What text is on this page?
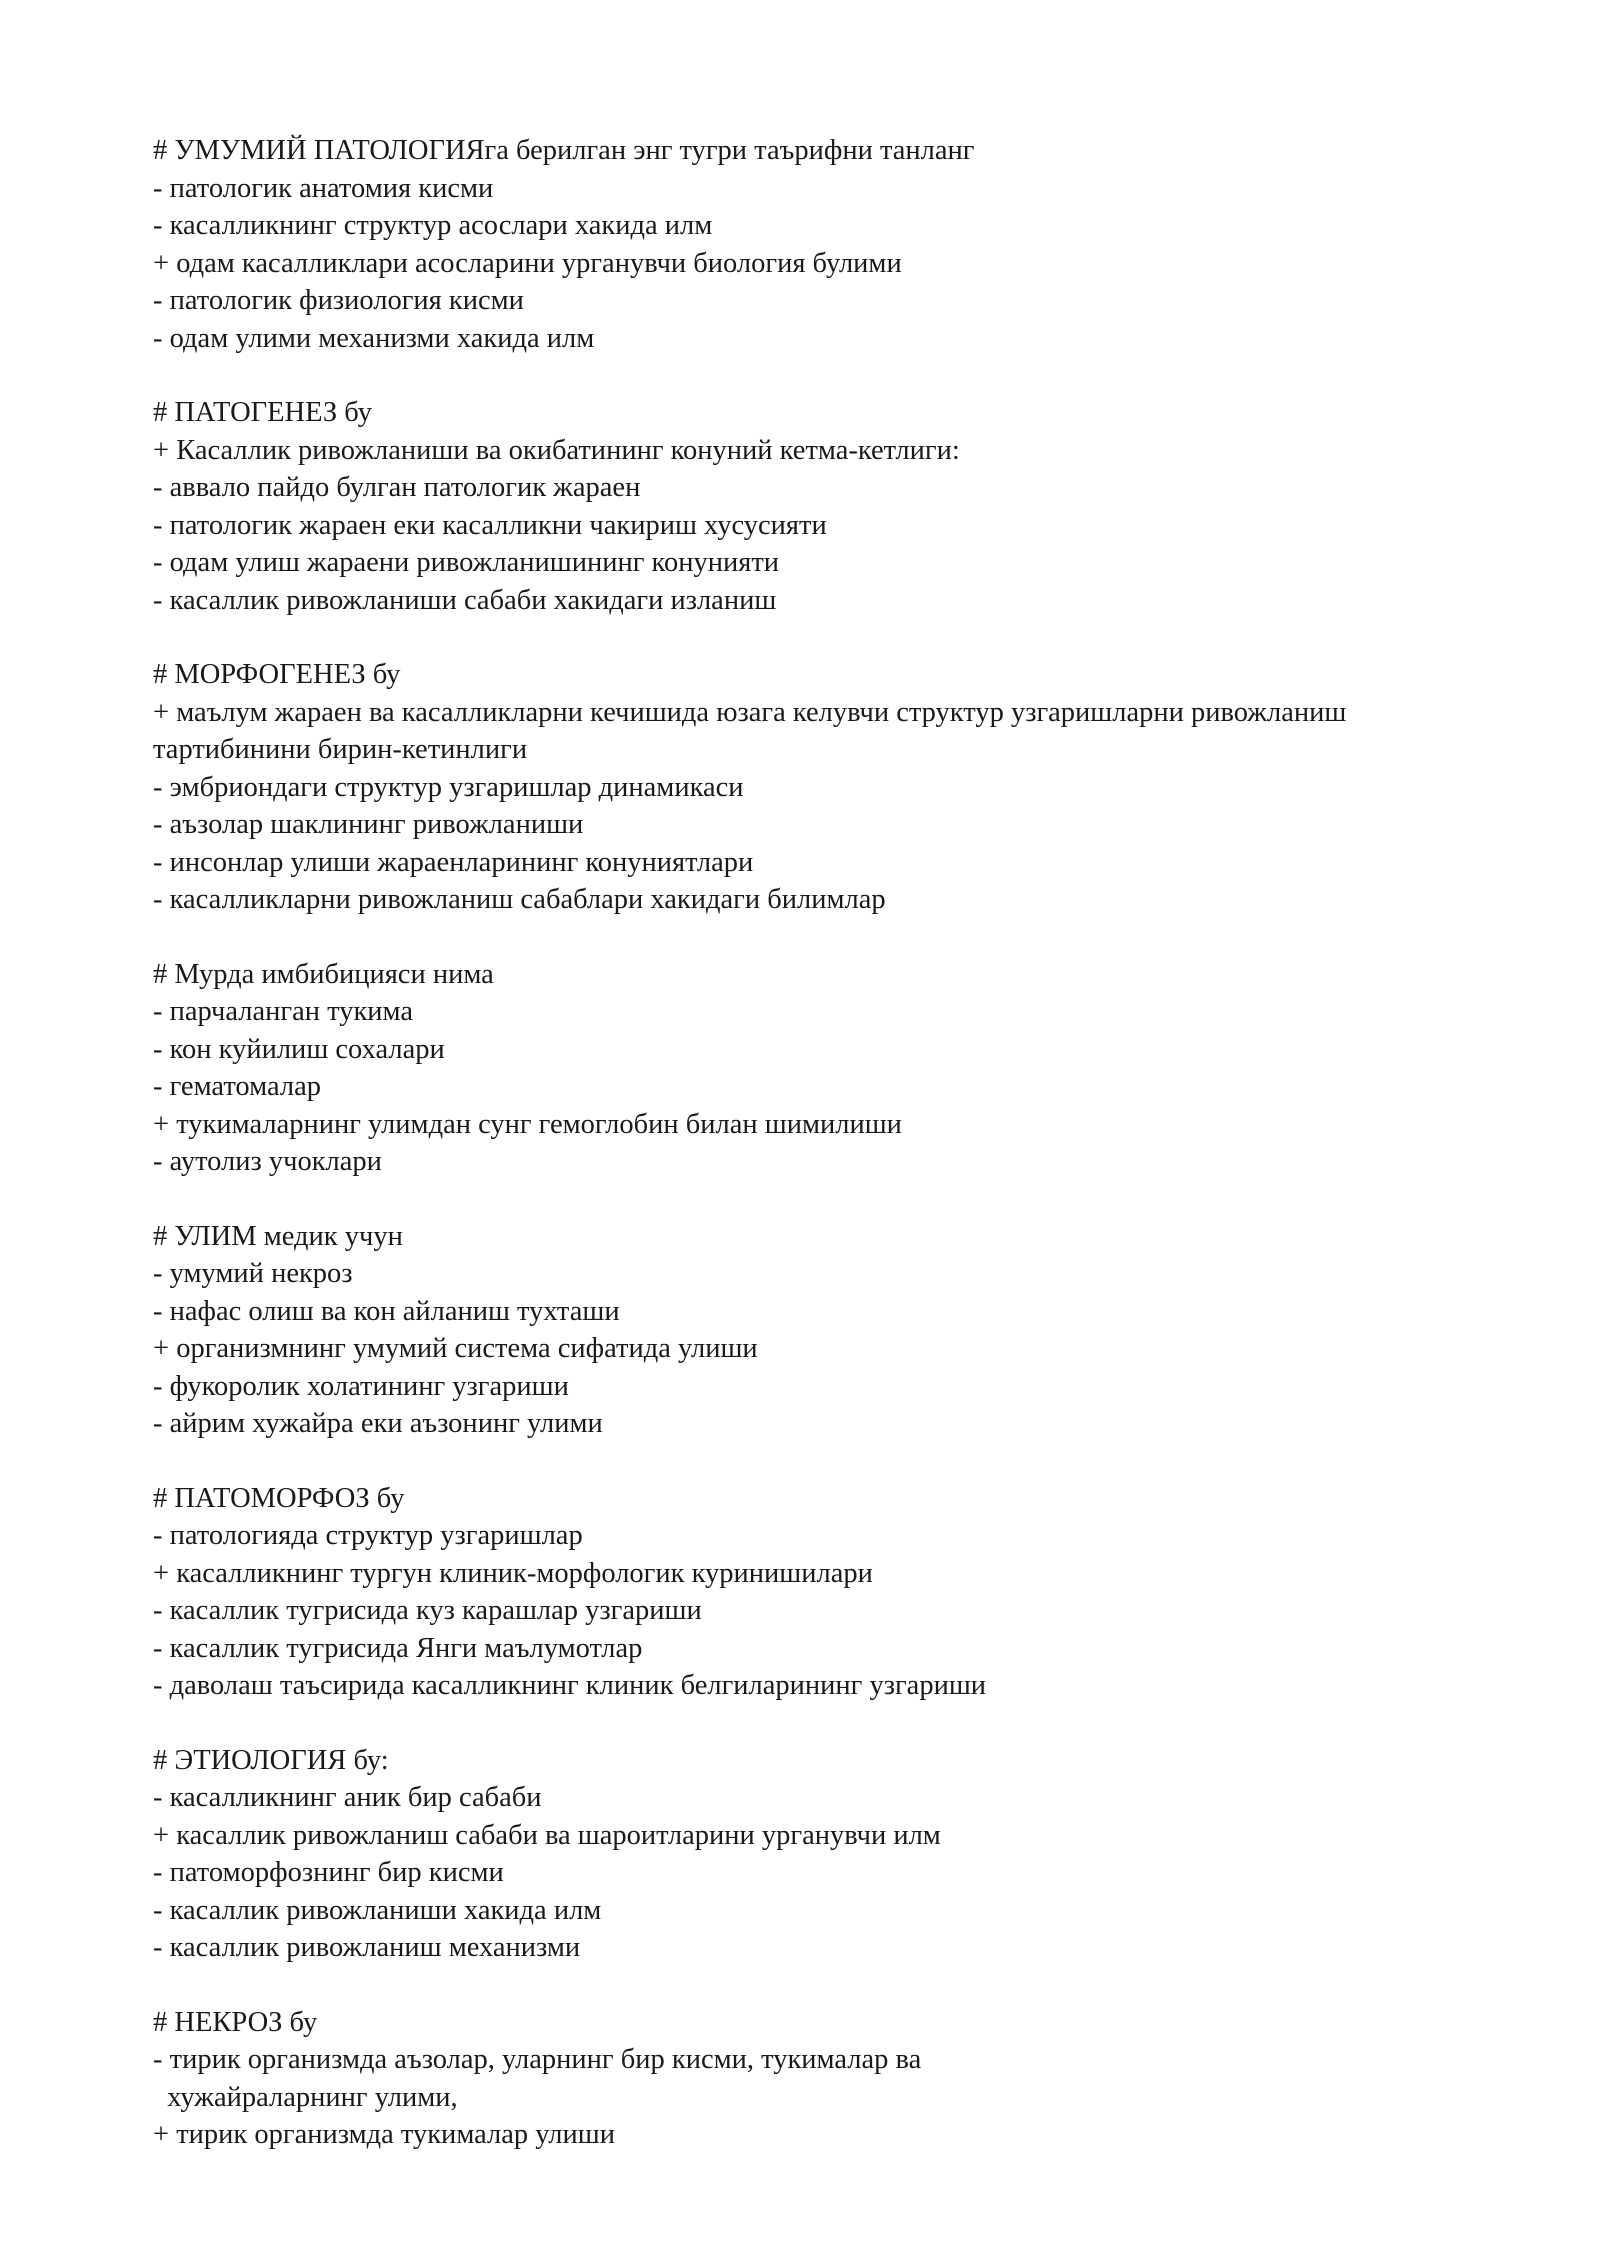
# УМУМИЙ ПАТОЛОГИЯга берилган энг тугри таърифни танланг

- патологик анатомия кисми

- касалликнинг структур асослари хакида илм

+ одам касалликлари асосларини урганувчи биология булими

- патологик физиология кисми

- одам улими механизми хакида илм

# ПАТОГЕНЕЗ бу

+ Касаллик ривожланиши ва окибатининг конуний кетма-кетлиги:

- аввало пайдо булган патологик жараен

- патологик жараен еки касалликни чакириш хусусияти

- одам улиш жараени ривожланишининг конунияти

- касаллик ривожланиши сабаби хакидаги изланиш

# МОРФОГЕНЕЗ бу

+ маълум жараен ва касалликларни кечишида юзага келувчи структур узгаришларни ривожланиш

тартибинини бирин-кетинлиги

- эмбриондаги структур узгаришлар динамикаси

- аъзолар шаклининг ривожланиши

- инсонлар улиши жараенларининг конуниятлари

- касалликларни ривожланиш сабаблари хакидаги билимлар

# Мурда имбибицияси нима

- парчаланган тукима

- кон куйилиш сохалари

- гематомалар

+ тукималарнинг улимдан сунг гемоглобин билан шимилиши

- аутолиз учоклари

# УЛИМ медик учун

- умумий некроз

- нафас олиш ва кон айланиш тухташи

+ организмнинг умумий система сифатида улиши

- фукоролик холатининг узгариши

- айрим хужайра еки аъзонинг улими

# ПАТОМОРФОЗ бу

- патологияда структур узгаришлар

+ касалликнинг тургун клиник-морфологик куринишилари

- касаллик тугрисида куз карашлар узгариши

- касаллик тугрисида Янги маълумотлар

- даволаш таъсирида касалликнинг клиник белгиларининг узгариши

# ЭТИОЛОГИЯ бу:

- касалликнинг аник бир сабаби

+ касаллик ривожланиш сабаби ва шароитларини урганувчи илм

- патоморфознинг бир кисми

- касаллик ривожланиши хакида илм

- касаллик ривожланиш механизми

# НЕКРОЗ бу

- тирик организмда аъзолар, уларнинг бир кисми, тукималар ва

хужайраларнинг улими,

+ тирик организмда тукималар улиши
